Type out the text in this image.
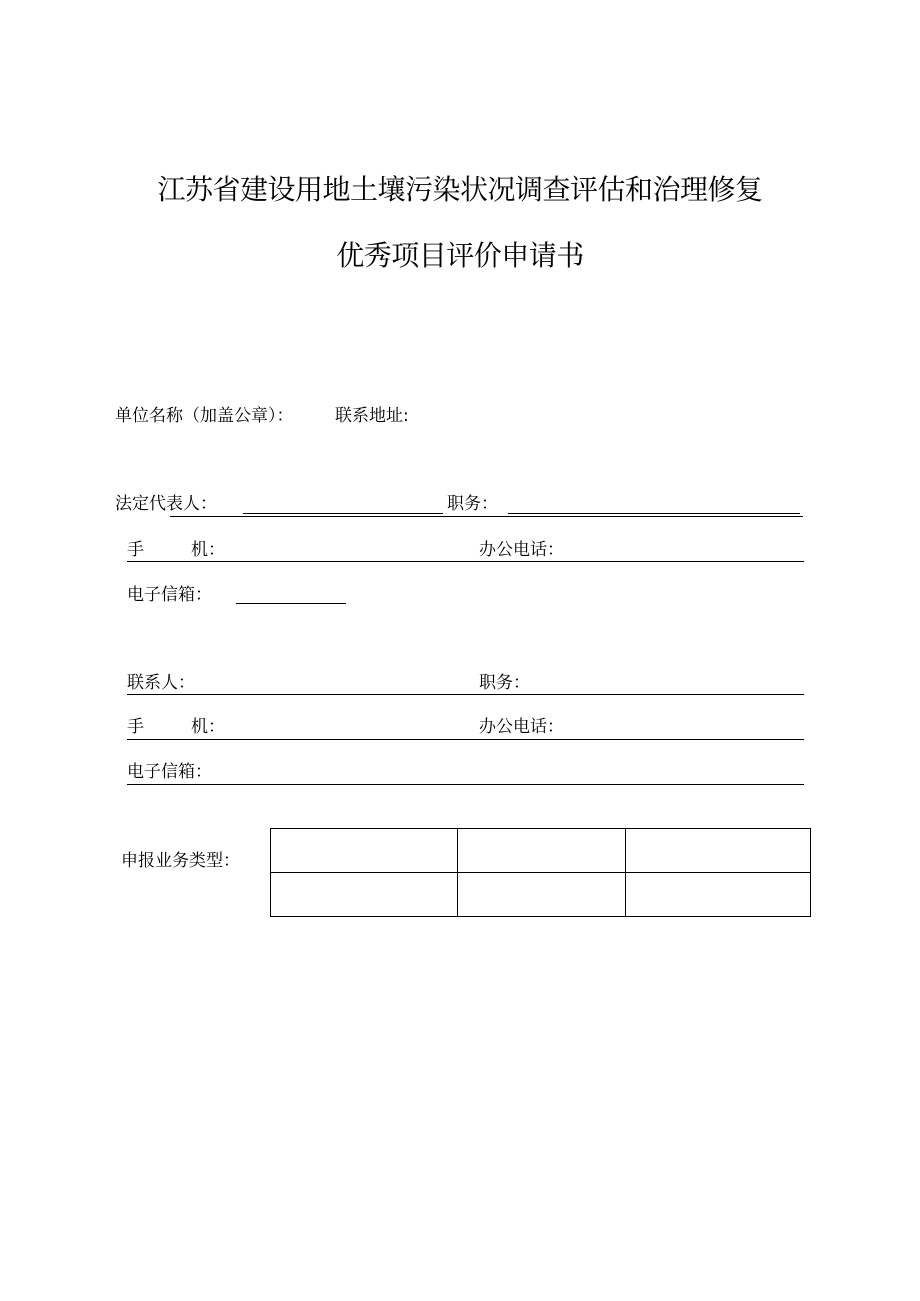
江苏省建设用地土壤污染状况调查评估和治理修复
优秀项目评价申请书
单位名称（加盖公章）： 联系地址:
法定代表人：	职务：
手	机：	办公电话：
电子信箱：
联系人：	职务：
手	机：	办公电话：
电子信箱：
申报业务类型：
